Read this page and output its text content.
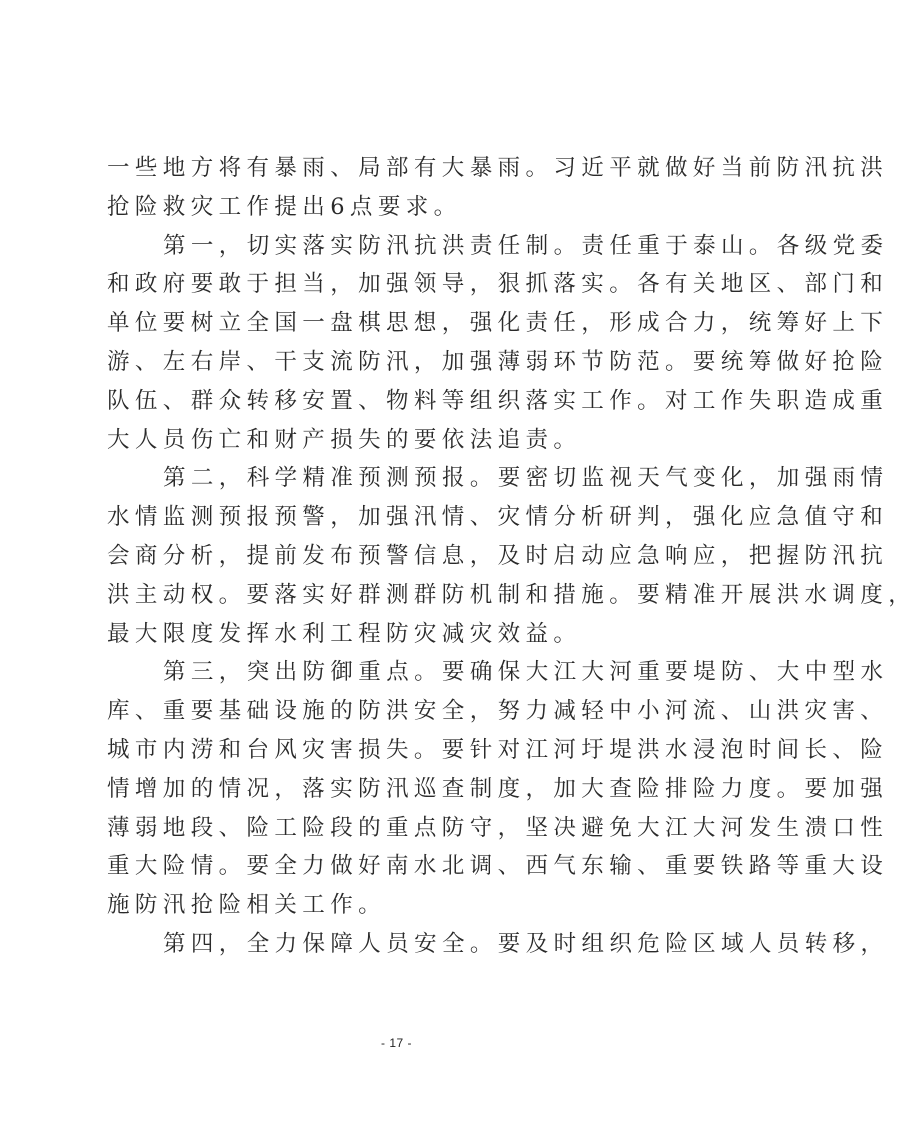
一些地方将有暴雨、局部有大暴雨。习近平就做好当前防汛抗洪
抢险救灾工作提出6点要求。
第一，切实落实防汛抗洪责任制。责任重于泰山。各级党委
和政府要敢于担当，加强领导，狠抓落实。各有关地区、部门和
单位要树立全国一盘棋思想，强化责任，形成合力，统筹好上下
游、左右岸、干支流防汛，加强薄弱环节防范。要统筹做好抢险
队伍、群众转移安置、物料等组织落实工作。对工作失职造成重
大人员伤亡和财产损失的要依法追责。
第二，科学精准预测预报。要密切监视天气变化，加强雨情
水情监测预报预警，加强汛情、灾情分析研判，强化应急值守和
会商分析，提前发布预警信息，及时启动应急响应，把握防汛抗
洪主动权。要落实好群测群防机制和措施。要精准开展洪水调度，
最大限度发挥水利工程防灾减灾效益。
第三，突出防御重点。要确保大江大河重要堤防、大中型水
库、重要基础设施的防洪安全，努力减轻中小河流、山洪灾害、
城市内涝和台风灾害损失。要针对江河圩堤洪水浸泡时间长、险
情增加的情况，落实防汛巡查制度，加大查险排险力度。要加强
薄弱地段、险工险段的重点防守，坚决避免大江大河发生溃口性
重大险情。要全力做好南水北调、西气东输、重要铁路等重大设
施防汛抢险相关工作。
第四，全力保障人员安全。要及时组织危险区域人员转移，
- 17 -
